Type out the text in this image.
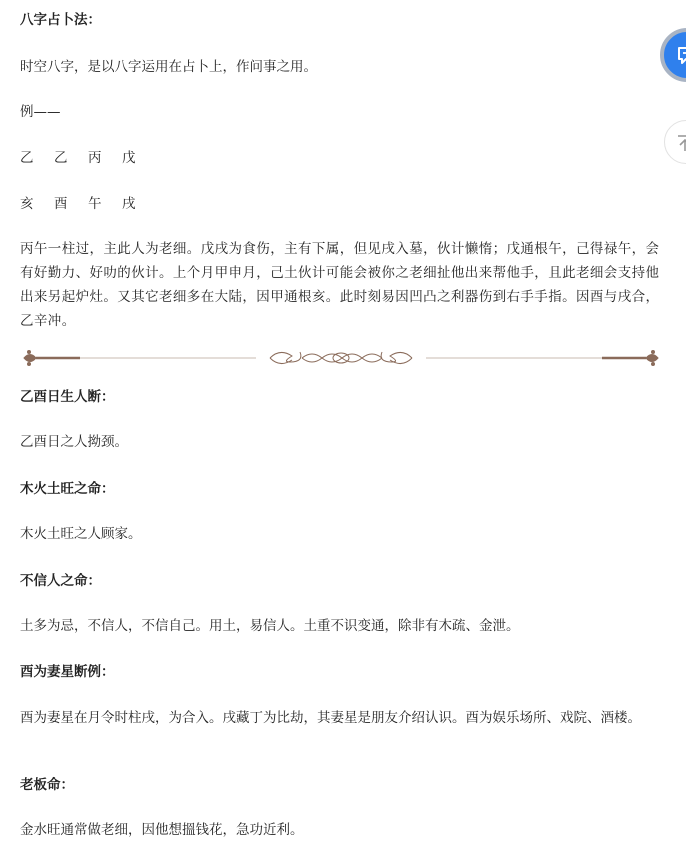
八字占卜法：

时空八字，是以八字运用在占卜上，作问事之用。

例——

乙 乙 丙 戊

亥 酉 午 戌

丙午一柱过，主此人为老细。戊戌为食伤，主有下属，但见戌入墓，伙计懒惰；戊通根午，己得禄午，会有好勤力、好叻的伙计。上个月甲申月，己土伙计可能会被你之老细扯他出来帮他手，且此老细会支持他出来另起炉灶。又其它老细多在大陆，因甲通根亥。此时刻易因凹凸之利器伤到右手手指。因酉与戌合，乙辛冲。

乙酉日生人断：

乙酉日之人拗颈。

木火土旺之命：

木火土旺之人顾家。

不信人之命：

土多为忌，不信人，不信自己。用土，易信人。土重不识变通，除非有木疏、金泄。

酉为妻星断例：

酉为妻星在月令时柱戌，为合入。戌藏丁为比劫，其妻星是朋友介绍认识。酉为娱乐场所、戏院、酒楼。

老板命：

金水旺通常做老细，因他想搵钱花，急功近利。
